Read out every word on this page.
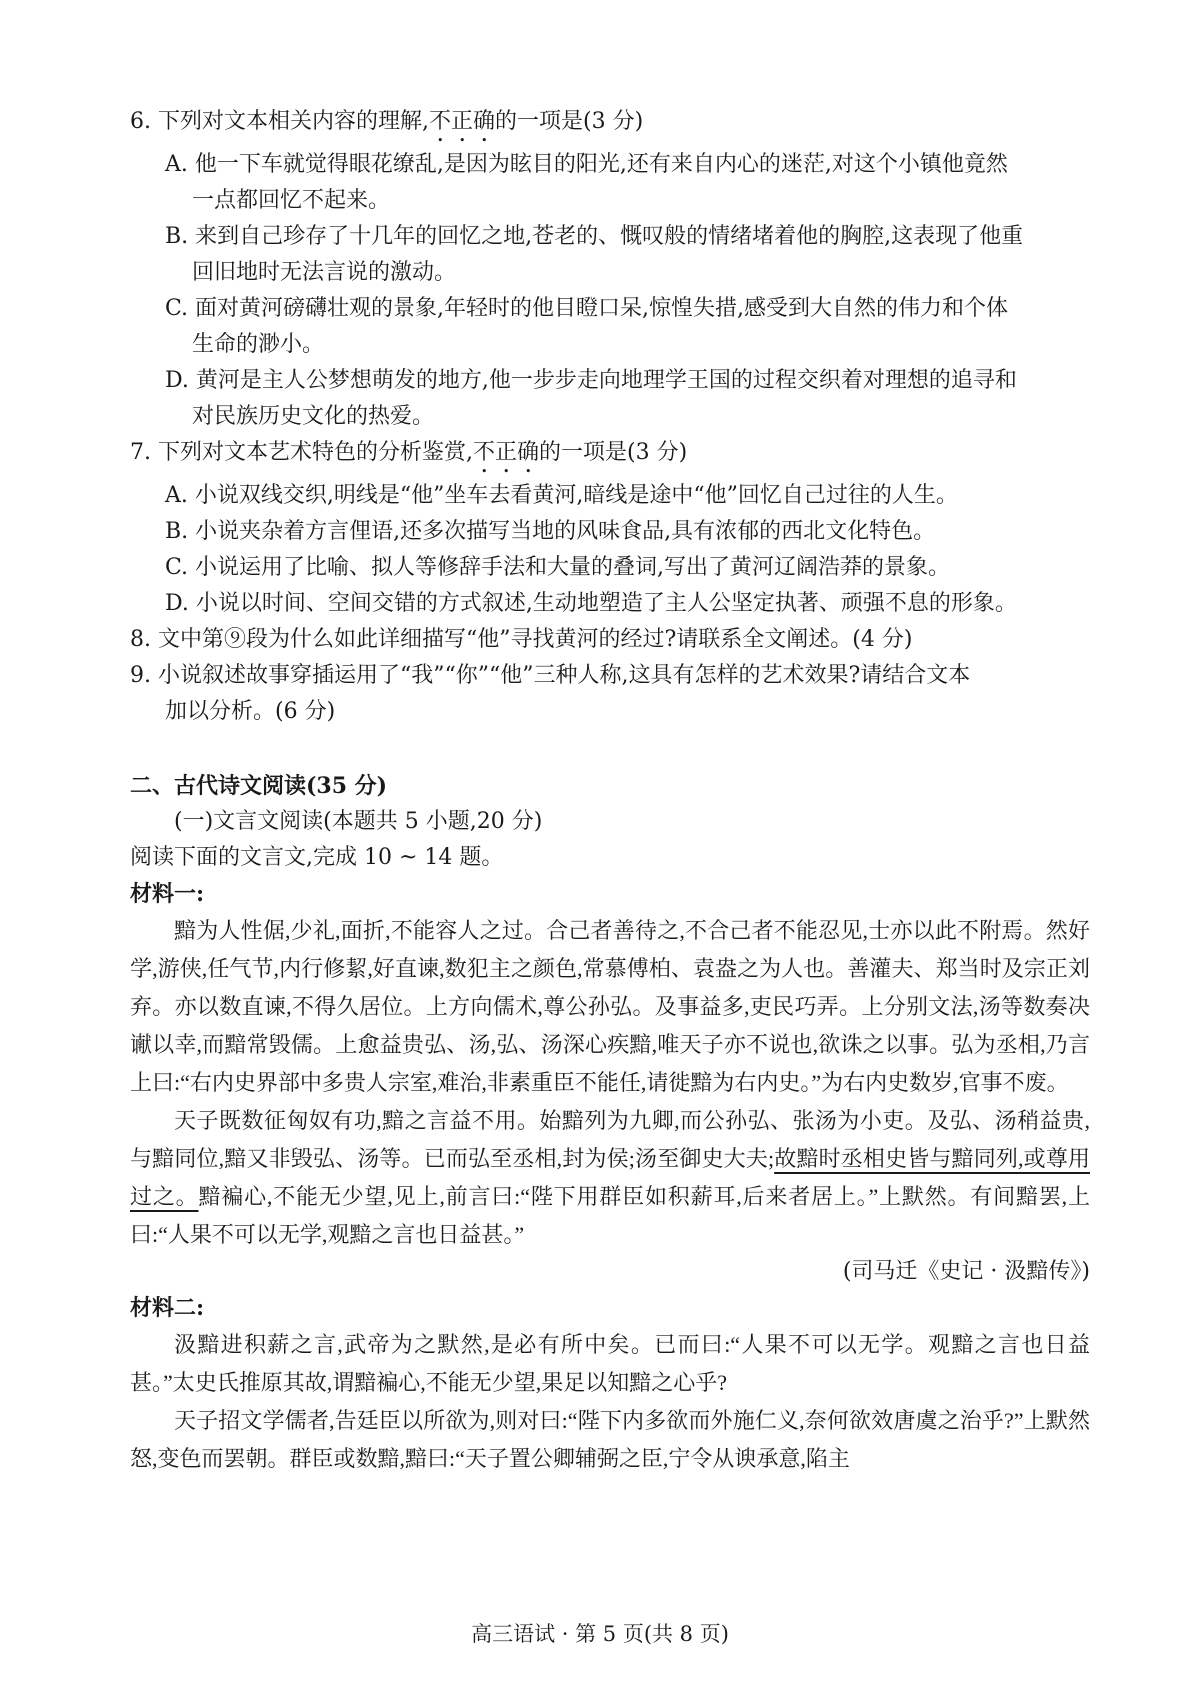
6. 下列对文本相关内容的理解,不正确的一项是(3 分)
A. 他一下车就觉得眼花缭乱,是因为眩目的阳光,还有来自内心的迷茫,对这个小镇他竟然
一点都回忆不起来。
B. 来到自己珍存了十几年的回忆之地,苍老的、慨叹般的情绪堵着他的胸腔,这表现了他重
回旧地时无法言说的激动。
C. 面对黄河磅礴壮观的景象,年轻时的他目瞪口呆,惊惶失措,感受到大自然的伟力和个体
生命的渺小。
D. 黄河是主人公梦想萌发的地方,他一步步走向地理学王国的过程交织着对理想的追寻和
对民族历史文化的热爱。
7. 下列对文本艺术特色的分析鉴赏,不正确的一项是(3 分)
A. 小说双线交织,明线是“他”坐车去看黄河,暗线是途中“他”回忆自己过往的人生。
B. 小说夹杂着方言俚语,还多次描写当地的风味食品,具有浓郁的西北文化特色。
C. 小说运用了比喻、拟人等修辞手法和大量的叠词,写出了黄河辽阔浩莽的景象。
D. 小说以时间、空间交错的方式叙述,生动地塑造了主人公坚定执著、顽强不息的形象。
8. 文中第⑨段为什么如此详细描写“他”寻找黄河的经过?请联系全文阐述。(4 分)
9. 小说叙述故事穿插运用了“我”“你”“他”三种人称,这具有怎样的艺术效果?请结合文本
加以分析。(6 分)
二、古代诗文阅读(35 分)
(一)文言文阅读(本题共 5 小题,20 分)
阅读下面的文言文,完成 10 ~ 14 题。
材料一:
黯为人性倨,少礼,面折,不能容人之过。合己者善待之,不合己者不能忍见,士亦以此不附焉。然好学,游侠,任气节,内行修絜,好直谏,数犯主之颜色,常慕傅柏、袁盎之为人也。善灌夫、郑当时及宗正刘弃。亦以数直谏,不得久居位。上方向儒术,尊公孙弘。及事益多,吏民巧弄。上分别文法,汤等数奏决谳以幸,而黯常毁儒。上愈益贵弘、汤,弘、汤深心疾黯,唯天子亦不说也,欲诛之以事。弘为丞相,乃言上曰:“右内史界部中多贵人宗室,难治,非素重臣不能任,请徙黯为右内史。”为右内史数岁,官事不废。
天子既数征匈奴有功,黯之言益不用。始黯列为九卿,而公孙弘、张汤为小吏。及弘、汤稍益贵,与黯同位,黯又非毁弘、汤等。已而弘至丞相,封为侯;汤至御史大夫;故黯时丞相史皆与黯同列,或尊用过之。黯褊心,不能无少望,见上,前言曰:“陛下用群臣如积薪耳,后来者居上。”上默然。有间黯罢,上曰:“人果不可以无学,观黯之言也日益甚。”
(司马迁《史记 · 汲黯传》)
材料二:
汲黯进积薪之言,武帝为之默然,是必有所中矣。已而曰:“人果不可以无学。观黯之言也日益甚。”太史氏推原其故,谓黯褊心,不能无少望,果足以知黯之心乎?
天子招文学儒者,告廷臣以所欲为,则对曰:“陛下内多欲而外施仁义,奈何欲效唐虞之治乎?”上默然怒,变色而罢朝。群臣或数黯,黯曰:“天子置公卿辅弼之臣,宁令从谀承意,陷主
高三语试 · 第 5 页(共 8 页)
